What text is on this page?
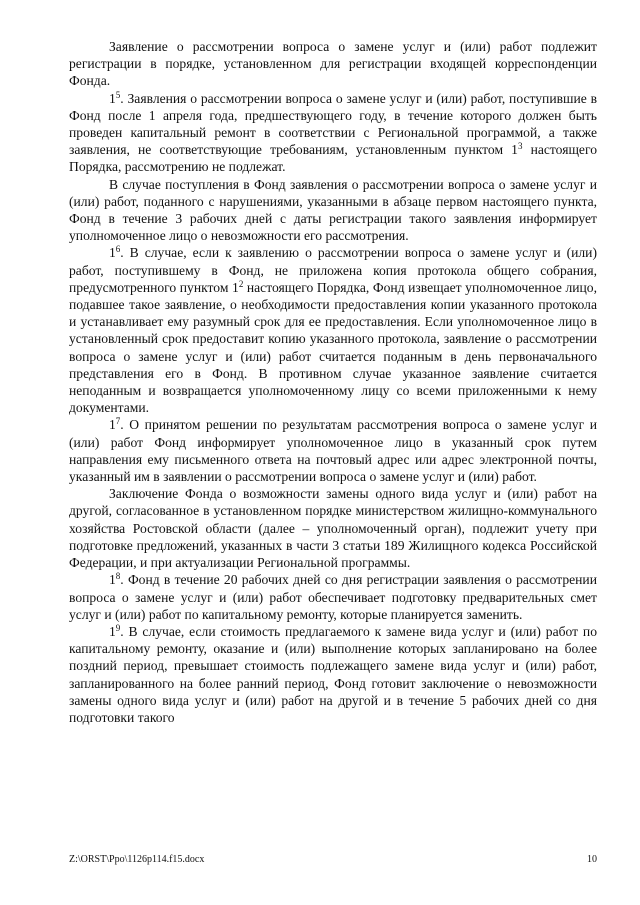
Заявление о рассмотрении вопроса о замене услуг и (или) работ подлежит регистрации в порядке, установленном для регистрации входящей корреспонденции Фонда.

$1^5$. Заявления о рассмотрении вопроса о замене услуг и (или) работ, поступившие в Фонд после 1 апреля года, предшествующего году, в течение которого должен быть проведен капитальный ремонт в соответствии с Региональной программой, а также заявления, не соответствующие требованиям, установленным пунктом $1^3$ настоящего Порядка, рассмотрению не подлежат.

В случае поступления в Фонд заявления о рассмотрении вопроса о замене услуг и (или) работ, поданного с нарушениями, указанными в абзаце первом настоящего пункта, Фонд в течение 3 рабочих дней с даты регистрации такого заявления информирует уполномоченное лицо о невозможности его рассмотрения.

$1^6$. В случае, если к заявлению о рассмотрении вопроса о замене услуг и (или) работ, поступившему в Фонд, не приложена копия протокола общего собрания, предусмотренного пунктом $1^2$ настоящего Порядка, Фонд извещает уполномоченное лицо, подавшее такое заявление, о необходимости предоставления копии указанного протокола и устанавливает ему разумный срок для ее предоставления. Если уполномоченное лицо в установленный срок предоставит копию указанного протокола, заявление о рассмотрении вопроса о замене услуг и (или) работ считается поданным в день первоначального представления его в Фонд. В противном случае указанное заявление считается неподанным и возвращается уполномоченному лицу со всеми приложенными к нему документами.

$1^7$. О принятом решении по результатам рассмотрения вопроса о замене услуг и (или) работ Фонд информирует уполномоченное лицо в указанный срок путем направления ему письменного ответа на почтовый адрес или адрес электронной почты, указанный им в заявлении о рассмотрении вопроса о замене услуг и (или) работ.

Заключение Фонда о возможности замены одного вида услуг и (или) работ на другой, согласованное в установленном порядке министерством жилищно-коммунального хозяйства Ростовской области (далее – уполномоченный орган), подлежит учету при подготовке предложений, указанных в части 3 статьи 189 Жилищного кодекса Российской Федерации, и при актуализации Региональной программы.

$1^8$. Фонд в течение 20 рабочих дней со дня регистрации заявления о рассмотрении вопроса о замене услуг и (или) работ обеспечивает подготовку предварительных смет услуг и (или) работ по капитальному ремонту, которые планируется заменить.

$1^9$. В случае, если стоимость предлагаемого к замене вида услуг и (или) работ по капитальному ремонту, оказание и (или) выполнение которых запланировано на более поздний период, превышает стоимость подлежащего замене вида услуг и (или) работ, запланированного на более ранний период, Фонд готовит заключение о невозможности замены одного вида услуг и (или) работ на другой и в течение 5 рабочих дней со дня подготовки такого

Z:\ORST\Ppo\1126p114.f15.docx	10
